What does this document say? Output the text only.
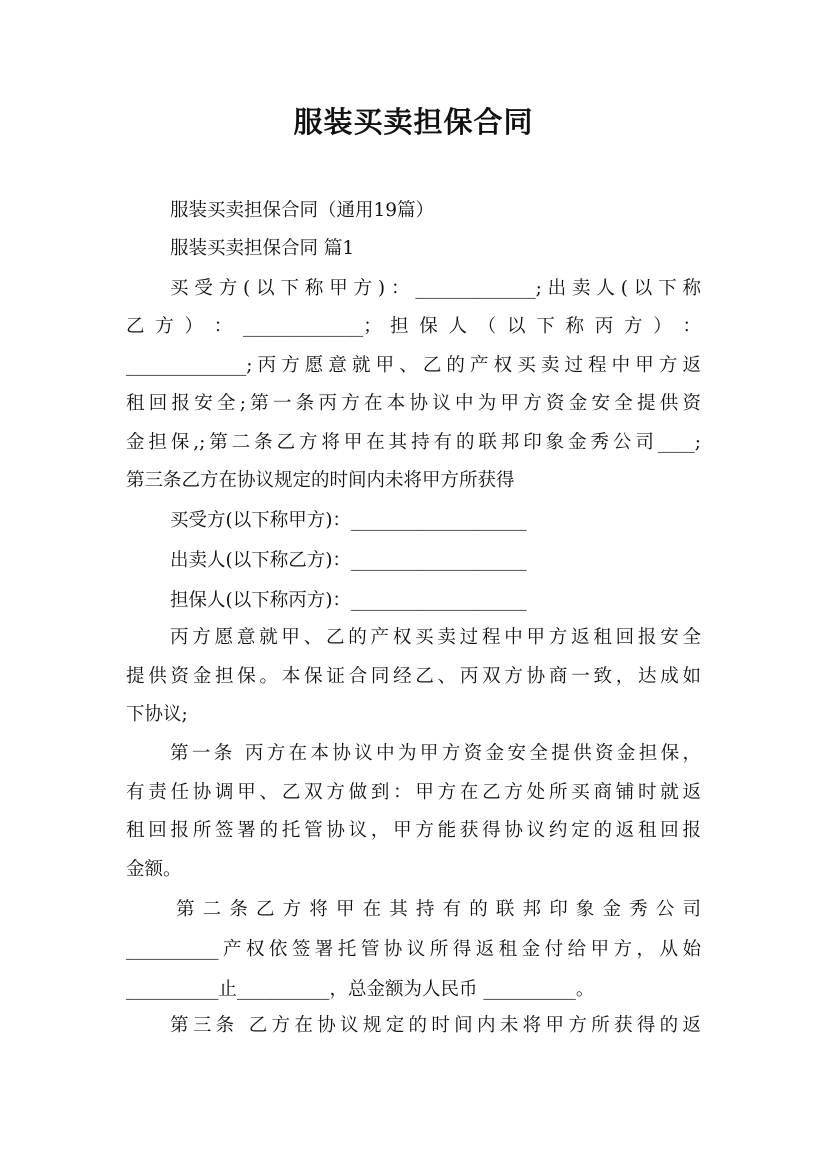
服装买卖担保合同
服装买卖担保合同（通用19篇）
服装买卖担保合同 篇1
买受方(以下称甲方)：_____________;出卖人(以下称
乙 方 ） ： _____________； 担 保 人 （ 以 下 称 丙 方 ） ：
_____________;丙方愿意就甲、乙的产权买卖过程中甲方返
租回报安全;第一条丙方在本协议中为甲方资金安全提供资
金担保,;第二条乙方将甲在其持有的联邦印象金秀公司____;
第三条乙方在协议规定的时间内未将甲方所获得
买受方(以下称甲方)：___________________
出卖人(以下称乙方)：___________________
担保人(以下称丙方)：___________________
丙方愿意就甲、乙的产权买卖过程中甲方返租回报安全
提供资金担保。本保证合同经乙、丙双方协商一致，达成如
下协议;
第一条 丙方在本协议中为甲方资金安全提供资金担保，
有责任协调甲、乙双方做到：甲方在乙方处所买商铺时就返
租回报所签署的托管协议，甲方能获得协议约定的返租回报
金额。
第 二 条 乙 方 将 甲 在 其 持 有 的 联 邦 印 象 金 秀 公 司
__________产权依签署托管协议所得返租金付给甲方，从始
__________止__________，总金额为人民币 __________。
第三条 乙方在协议规定的时间内未将甲方所获得的返
